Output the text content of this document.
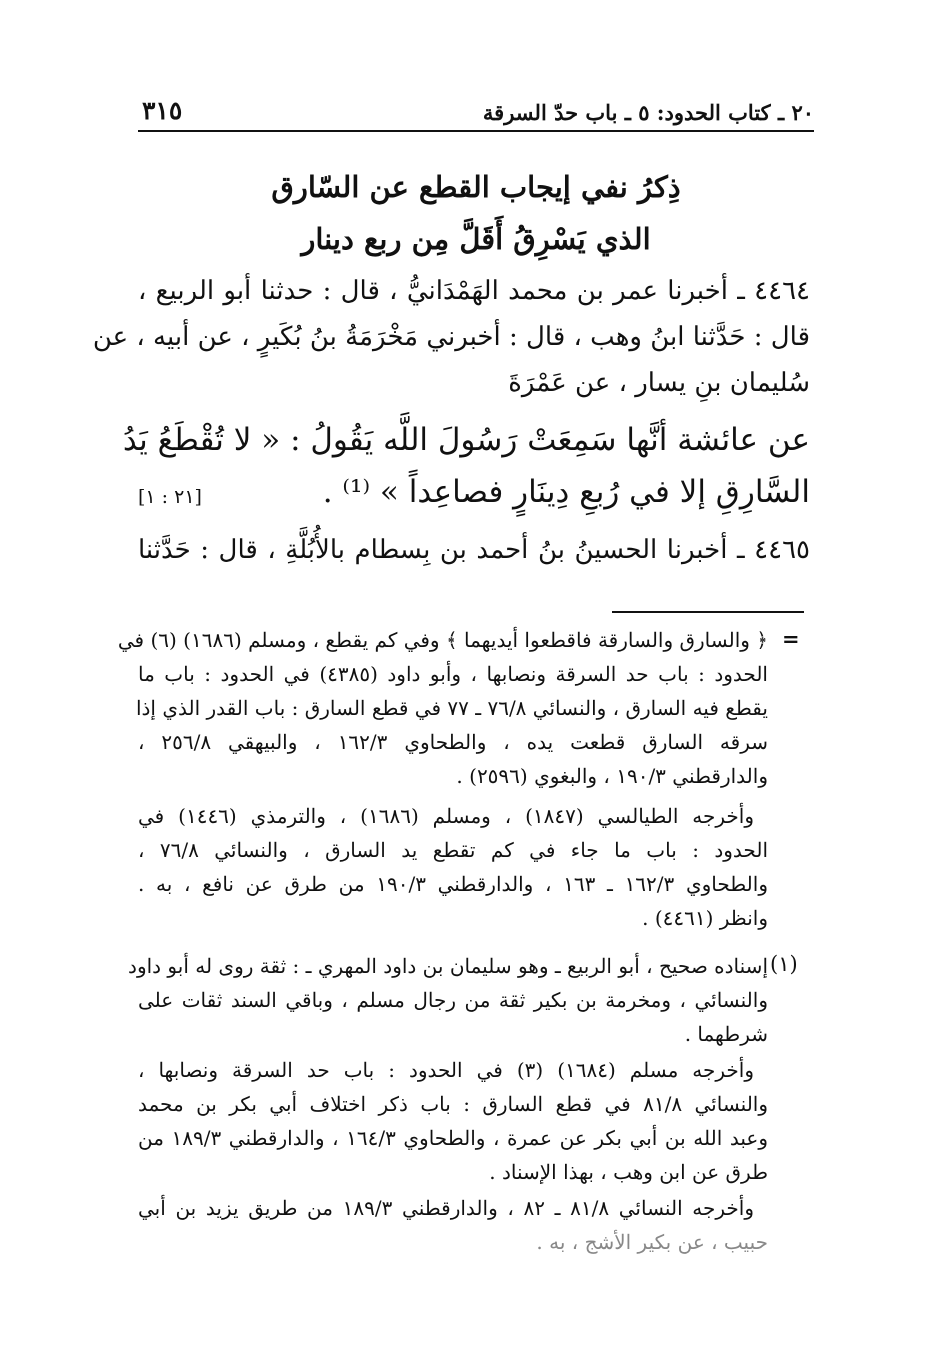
٢٠ ـ كتاب الحدود: ٥ ـ باب حدّ السرقة
٣١٥
ذِكرُ نفي إيجاب القطع عن السّارق
الذي يَسْرِقُ أَقَلَّ مِن ربع دينار
٤٤٦٤ ـ أخبرنا عمر بن محمد الهَمْدَانيُّ ، قال : حدثنا أبو الربيع ،
قال : حَدَّثنا ابنُ وهب ، قال : أخبرني مَخْرَمَةُ بنُ بُكَيرٍ ، عن أبيه ، عن
سُليمان بنِ يسار ، عن عَمْرَةَ
عن عائشة أنَّها سَمِعَتْ رَسُولَ اللَّه يَقُولُ : « لا تُقْطَعُ يَدُ
السَّارِقِ إلا في رُبعِ دِينَارٍ فصاعِداً » ⁽¹⁾ .
[٢١ : ١]
٤٤٦٥ ـ أخبرنا الحسينُ بنُ أحمد بن بِسطام بالأُبُلَّةِ ، قال : حَدَّثنا
=
﴿ والسارق والسارقة فاقطعوا أيديهما ﴾ وفي كم يقطع ، ومسلم (١٦٨٦) (٦) في
الحدود : باب حد السرقة ونصابها ، وأبو داود (٤٣٨٥) في الحدود : باب ما
يقطع فيه السارق ، والنسائي ٧٦/٨ ـ ٧٧ في قطع السارق : باب القدر الذي إذا
سرقه السارق قطعت يده ، والطحاوي ١٦٢/٣ ، والبيهقي ٢٥٦/٨ ،
والدارقطني ١٩٠/٣ ، والبغوي (٢٥٩٦) .
وأخرجه الطيالسي (١٨٤٧) ، ومسلم (١٦٨٦) ، والترمذي (١٤٤٦) في
الحدود : باب ما جاء في كم تقطع يد السارق ، والنسائي ٧٦/٨ ،
والطحاوي ١٦٢/٣ ـ ١٦٣ ، والدارقطني ١٩٠/٣ من طرق عن نافع ، به .
وانظر (٤٤٦١) .
(١)
إسناده صحيح ، أبو الربيع ـ وهو سليمان بن داود المهري ـ : ثقة روى له أبو داود
والنسائي ، ومخرمة بن بكير ثقة من رجال مسلم ، وباقي السند ثقات على
شرطهما .
وأخرجه مسلم (١٦٨٤) (٣) في الحدود : باب حد السرقة ونصابها ،
والنسائي ٨١/٨ في قطع السارق : باب ذكر اختلاف أبي بكر بن محمد
وعبد الله بن أبي بكر عن عمرة ، والطحاوي ١٦٤/٣ ، والدارقطني ١٨٩/٣ من
طرق عن ابن وهب ، بهذا الإسناد .
وأخرجه النسائي ٨١/٨ ـ ٨٢ ، والدارقطني ١٨٩/٣ من طريق يزيد بن أبي
حبيب ، عن بكير الأشج ، به .
